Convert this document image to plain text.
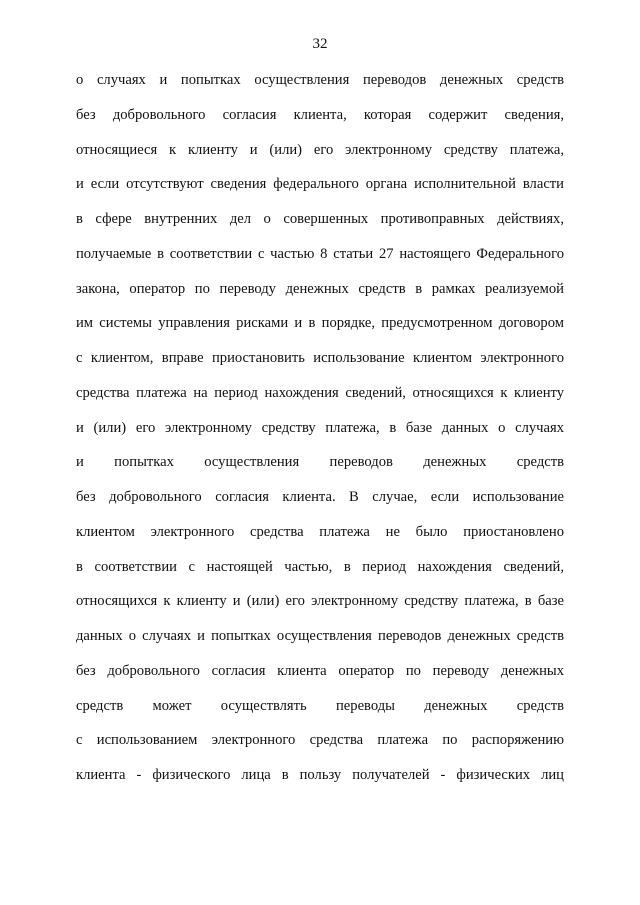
32
о случаях и попытках осуществления переводов денежных средств
без добровольного согласия клиента, которая содержит сведения,
относящиеся к клиенту и (или) его электронному средству платежа,
и если отсутствуют сведения федерального органа исполнительной власти
в сфере внутренних дел о совершенных противоправных действиях,
получаемые в соответствии с частью 8 статьи 27 настоящего Федерального
закона, оператор по переводу денежных средств в рамках реализуемой
им системы управления рисками и в порядке, предусмотренном договором
с клиентом, вправе приостановить использование клиентом электронного
средства платежа на период нахождения сведений, относящихся к клиенту
и (или) его электронному средству платежа, в базе данных о случаях
и попытках осуществления переводов денежных средств
без добровольного согласия клиента. В случае, если использование
клиентом электронного средства платежа не было приостановлено
в соответствии с настоящей частью, в период нахождения сведений,
относящихся к клиенту и (или) его электронному средству платежа, в базе
данных о случаях и попытках осуществления переводов денежных средств
без добровольного согласия клиента оператор по переводу денежных
средств может осуществлять переводы денежных средств
с использованием электронного средства платежа по распоряжению
клиента - физического лица в пользу получателей - физических лиц
